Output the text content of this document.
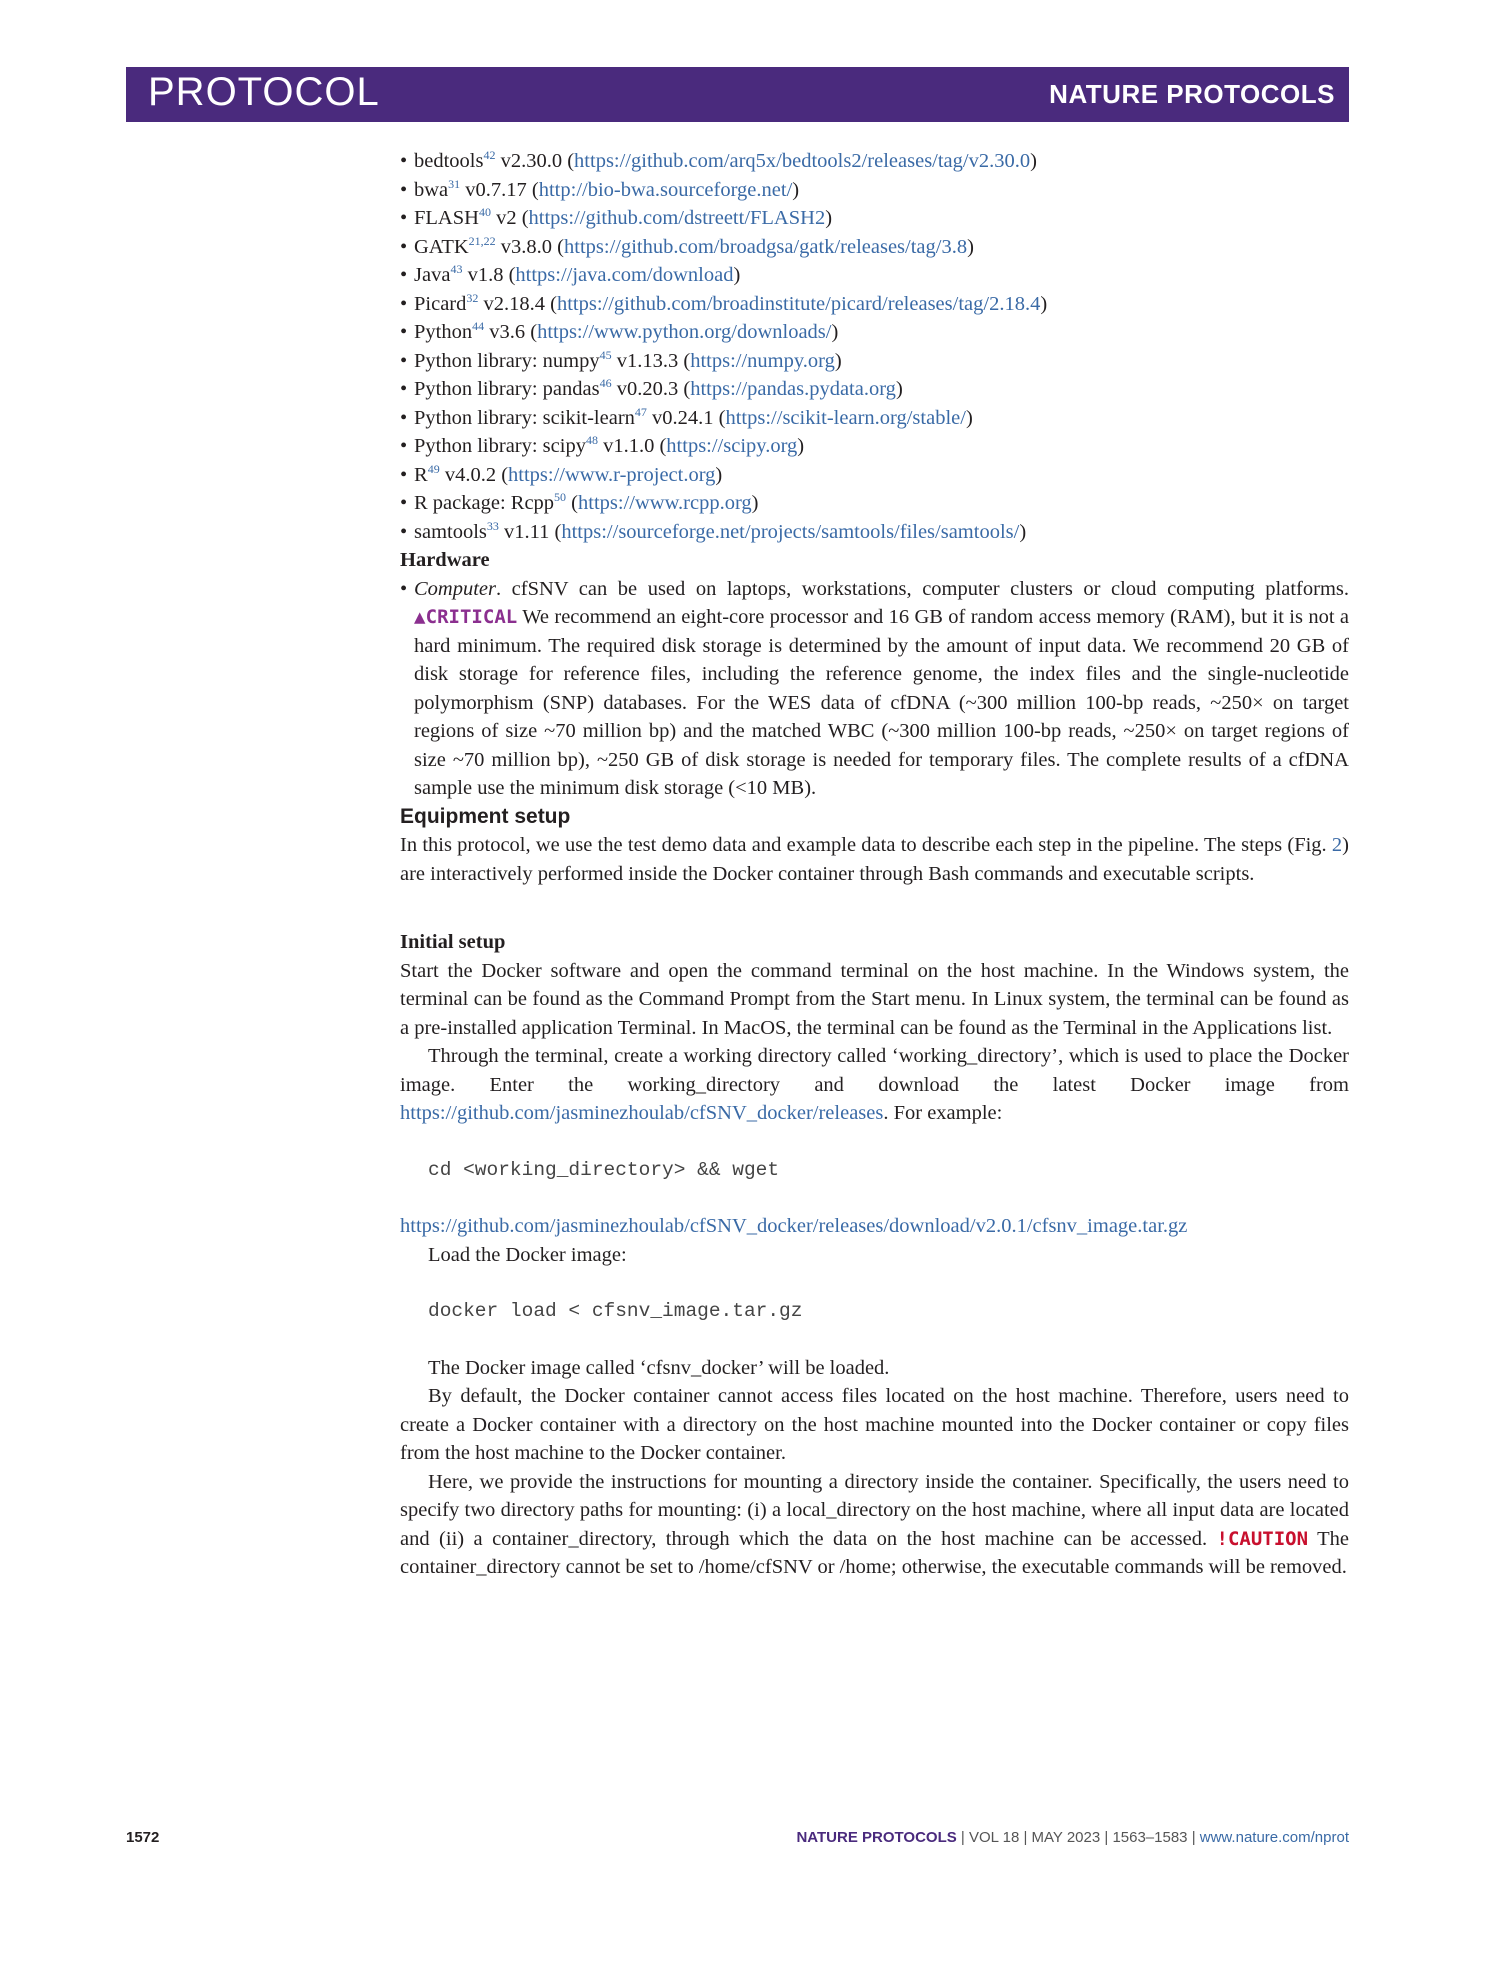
PROTOCOL	NATURE PROTOCOLS
• bedtools$^{42}$ v2.30.0 (https://github.com/arq5x/bedtools2/releases/tag/v2.30.0)
• bwa$^{31}$ v0.7.17 (http://bio-bwa.sourceforge.net/)
• FLASH$^{40}$ v2 (https://github.com/dstreett/FLASH2)
• GATK$^{21,22}$ v3.8.0 (https://github.com/broadgsa/gatk/releases/tag/3.8)
• Java$^{43}$ v1.8 (https://java.com/download)
• Picard$^{32}$ v2.18.4 (https://github.com/broadinstitute/picard/releases/tag/2.18.4)
• Python$^{44}$ v3.6 (https://www.python.org/downloads/)
• Python library: numpy$^{45}$ v1.13.3 (https://numpy.org)
• Python library: pandas$^{46}$ v0.20.3 (https://pandas.pydata.org)
• Python library: scikit-learn$^{47}$ v0.24.1 (https://scikit-learn.org/stable/)
• Python library: scipy$^{48}$ v1.1.0 (https://scipy.org)
• $R^{49}$ v4.0.2 (https://www.r-project.org)
• R package: Rcpp$^{50}$ (https://www.rcpp.org)
• samtools$^{33}$ v1.11 (https://sourceforge.net/projects/samtools/files/samtools/)

Hardware

• Computer. cfSNV can be used on laptops, workstations, computer clusters or cloud computing platforms. ▲CRITICAL We recommend an eight-core processor and 16 GB of random access memory (RAM), but it is not a hard minimum. The required disk storage is determined by the amount of input data. We recommend 20 GB of disk storage for reference files, including the reference genome, the index files and the single-nucleotide polymorphism (SNP) databases. For the WES data of cfDNA (~300 million 100-bp reads, ~250× on target regions of size ~70 million bp) and the matched WBC (~300 million 100-bp reads, ~250× on target regions of size ~70 million bp), ~250 GB of disk storage is needed for temporary files. The complete results of a cfDNA sample use the minimum disk storage (<10 MB).

Equipment setup

In this protocol, we use the test demo data and example data to describe each step in the pipeline. The steps (Fig. 2) are interactively performed inside the Docker container through Bash commands and executable scripts.

Initial setup

Start the Docker software and open the command terminal on the host machine. In the Windows system, the terminal can be found as the Command Prompt from the Start menu. In Linux system, the terminal can be found as a pre-installed application Terminal. In MacOS, the terminal can be found as the Terminal in the Applications list.

Through the terminal, create a working directory called ‘working_directory’, which is used to place the Docker image. Enter the working_directory and download the latest Docker image from https://github.com/jasminezhoulab/cfSNV_docker/releases. For example:

cd <working_directory> && wget

https://github.com/jasminezhoulab/cfSNV_docker/releases/download/v2.0.1/cfsnv_image.tar.gz

Load the Docker image:

docker load < cfsnv_image.tar.gz

The Docker image called ‘cfsnv_docker’ will be loaded.

By default, the Docker container cannot access files located on the host machine. Therefore, users need to create a Docker container with a directory on the host machine mounted into the Docker container or copy files from the host machine to the Docker container.

Here, we provide the instructions for mounting a directory inside the container. Specifically, the users need to specify two directory paths for mounting: (i) a local_directory on the host machine, where all input data are located and (ii) a container_directory, through which the data on the host machine can be accessed. !CAUTION The container_directory cannot be set to /home/cfSNV or /home; otherwise, the executable commands will be removed.

1572	NATURE PROTOCOLS | VOL 18 | MAY 2023 | 1563–1583 | www.nature.com/nprot
